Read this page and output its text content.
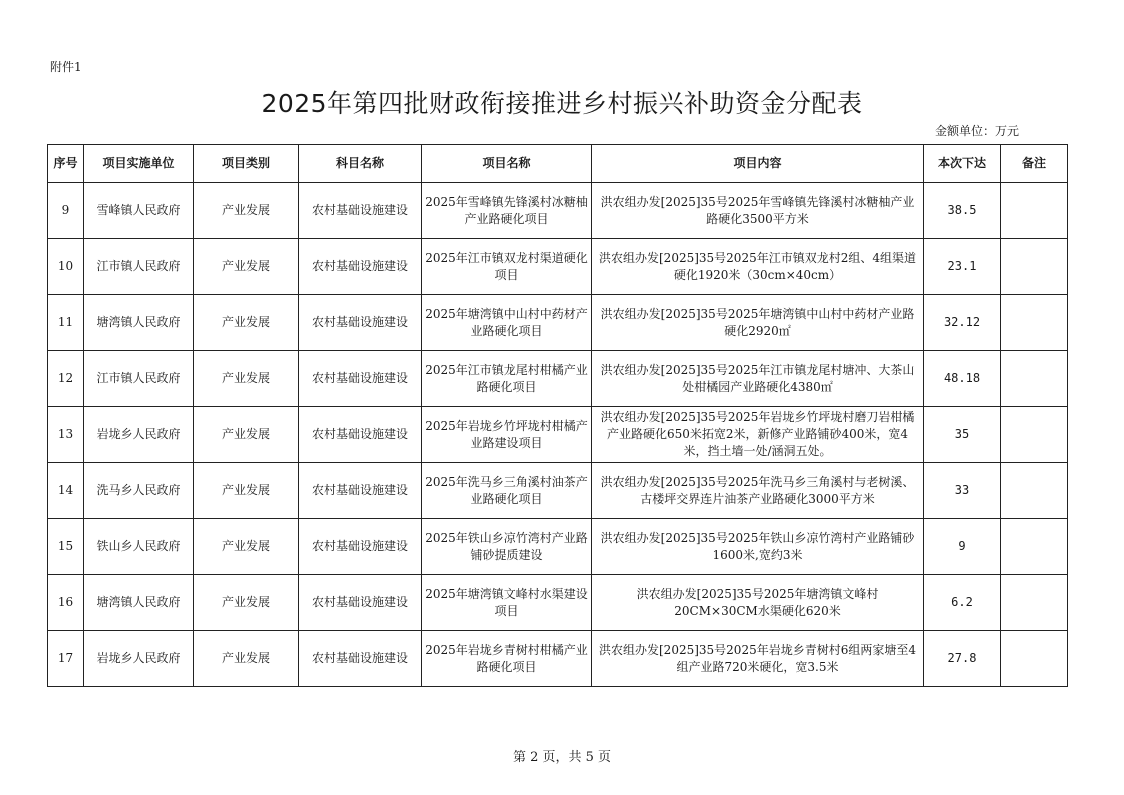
附件1
2025年第四批财政衔接推进乡村振兴补助资金分配表
金额单位：万元
序号	项目实施单位	项目类别	科目名称	项目名称	项目内容	本次下达	备注
9	雪峰镇人民政府	产业发展	农村基础设施建设	2025年雪峰镇先锋溪村冰糖柚产业路硬化项目	洪农组办发[2025]35号2025年雪峰镇先锋溪村冰糖柚产业路硬化3500平方米	38.5	
10	江市镇人民政府	产业发展	农村基础设施建设	2025年江市镇双龙村渠道硬化项目	洪农组办发[2025]35号2025年江市镇双龙村2组、4组渠道硬化1920米（30cm×40cm）	23.1	
11	塘湾镇人民政府	产业发展	农村基础设施建设	2025年塘湾镇中山村中药材产业路硬化项目	洪农组办发[2025]35号2025年塘湾镇中山村中药材产业路硬化2920㎡	32.12	
12	江市镇人民政府	产业发展	农村基础设施建设	2025年江市镇龙尾村柑橘产业路硬化项目	洪农组办发[2025]35号2025年江市镇龙尾村塘冲、大茶山处柑橘园产业路硬化4380㎡	48.18	
13	岩垅乡人民政府	产业发展	农村基础设施建设	2025年岩垅乡竹坪垅村柑橘产业路建设项目	洪农组办发[2025]35号2025年岩垅乡竹坪垅村磨刀岩柑橘产业路硬化650米拓宽2米，新修产业路铺砂400米，宽4米，挡土墙一处/涵洞五处。	35	
14	洗马乡人民政府	产业发展	农村基础设施建设	2025年洗马乡三角溪村油茶产业路硬化项目	洪农组办发[2025]35号2025年洗马乡三角溪村与老树溪、古楼坪交界连片油茶产业路硬化3000平方米	33	
15	铁山乡人民政府	产业发展	农村基础设施建设	2025年铁山乡凉竹湾村产业路铺砂提质建设	洪农组办发[2025]35号2025年铁山乡凉竹湾村产业路铺砂1600米,宽约3米	9	
16	塘湾镇人民政府	产业发展	农村基础设施建设	2025年塘湾镇文峰村水渠建设项目	洪农组办发[2025]35号2025年塘湾镇文峰村20CM×30CM水渠硬化620米	6.2	
17	岩垅乡人民政府	产业发展	农村基础设施建设	2025年岩垅乡青树村柑橘产业路硬化项目	洪农组办发[2025]35号2025年岩垅乡青树村6组两家塘至4组产业路720米硬化，宽3.5米	27.8	
第 2 页，共 5 页
